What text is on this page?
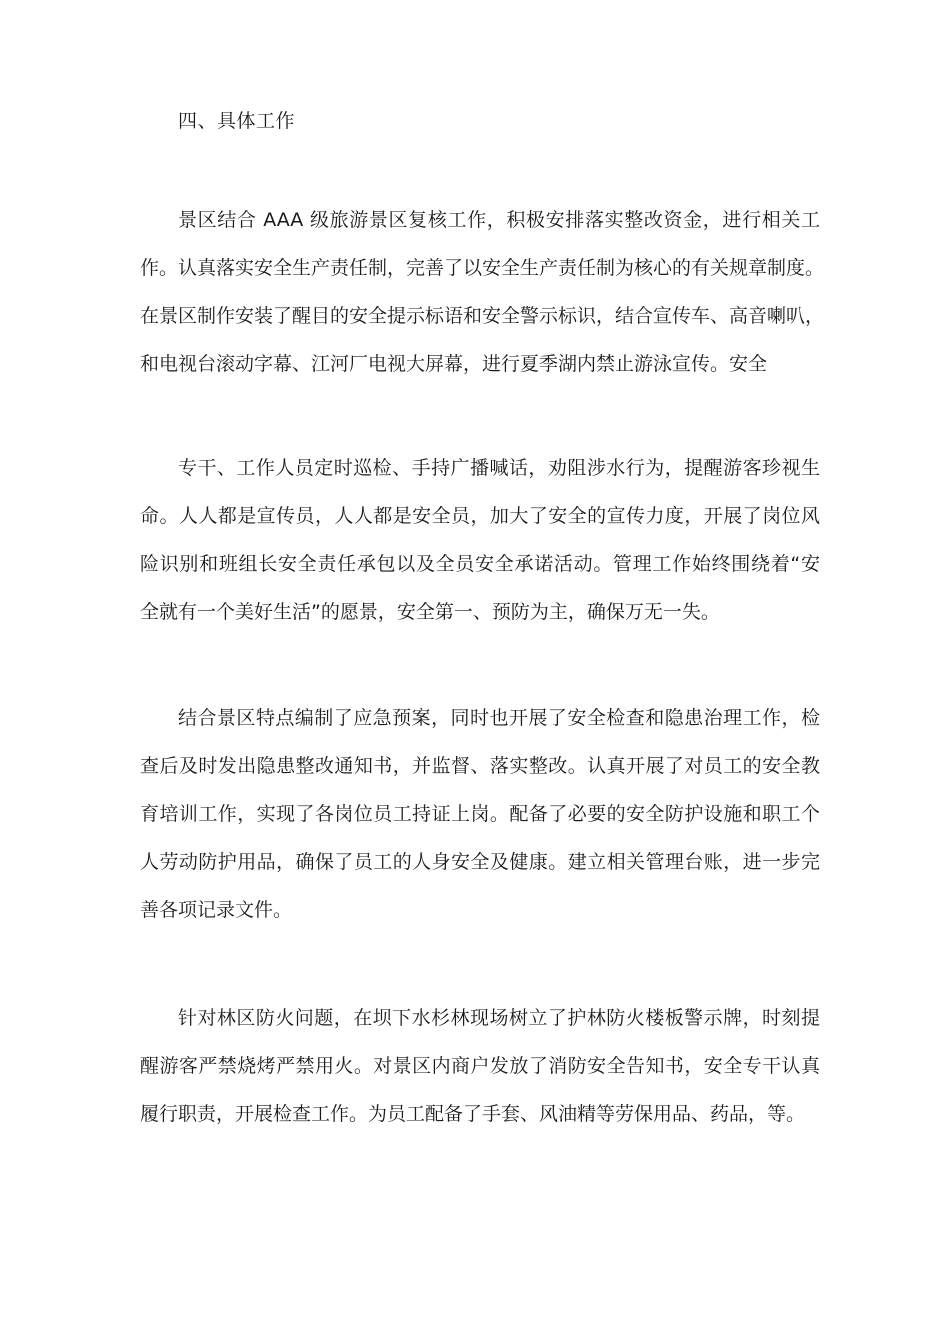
四、具体工作
景区结合 AAA 级旅游景区复核工作，积极安排落实整改资金，进行相关工
作。认真落实安全生产责任制，完善了以安全生产责任制为核心的有关规章制度。
在景区制作安装了醒目的安全提示标语和安全警示标识，结合宣传车、高音喇叭，
和电视台滚动字幕、江河厂电视大屏幕，进行夏季湖内禁止游泳宣传。安全
专干、工作人员定时巡检、手持广播喊话，劝阻涉水行为，提醒游客珍视生
命。人人都是宣传员，人人都是安全员，加大了安全的宣传力度，开展了岗位风
险识别和班组长安全责任承包以及全员安全承诺活动。管理工作始终围绕着“安
全就有一个美好生活”的愿景，安全第一、预防为主，确保万无一失。
结合景区特点编制了应急预案，同时也开展了安全检查和隐患治理工作，检
查后及时发出隐患整改通知书，并监督、落实整改。认真开展了对员工的安全教
育培训工作，实现了各岗位员工持证上岗。配备了必要的安全防护设施和职工个
人劳动防护用品，确保了员工的人身安全及健康。建立相关管理台账，进一步完
善各项记录文件。
针对林区防火问题，在坝下水杉林现场树立了护林防火楼板警示牌，时刻提
醒游客严禁烧烤严禁用火。对景区内商户发放了消防安全告知书，安全专干认真
履行职责，开展检查工作。为员工配备了手套、风油精等劳保用品、药品，等。
